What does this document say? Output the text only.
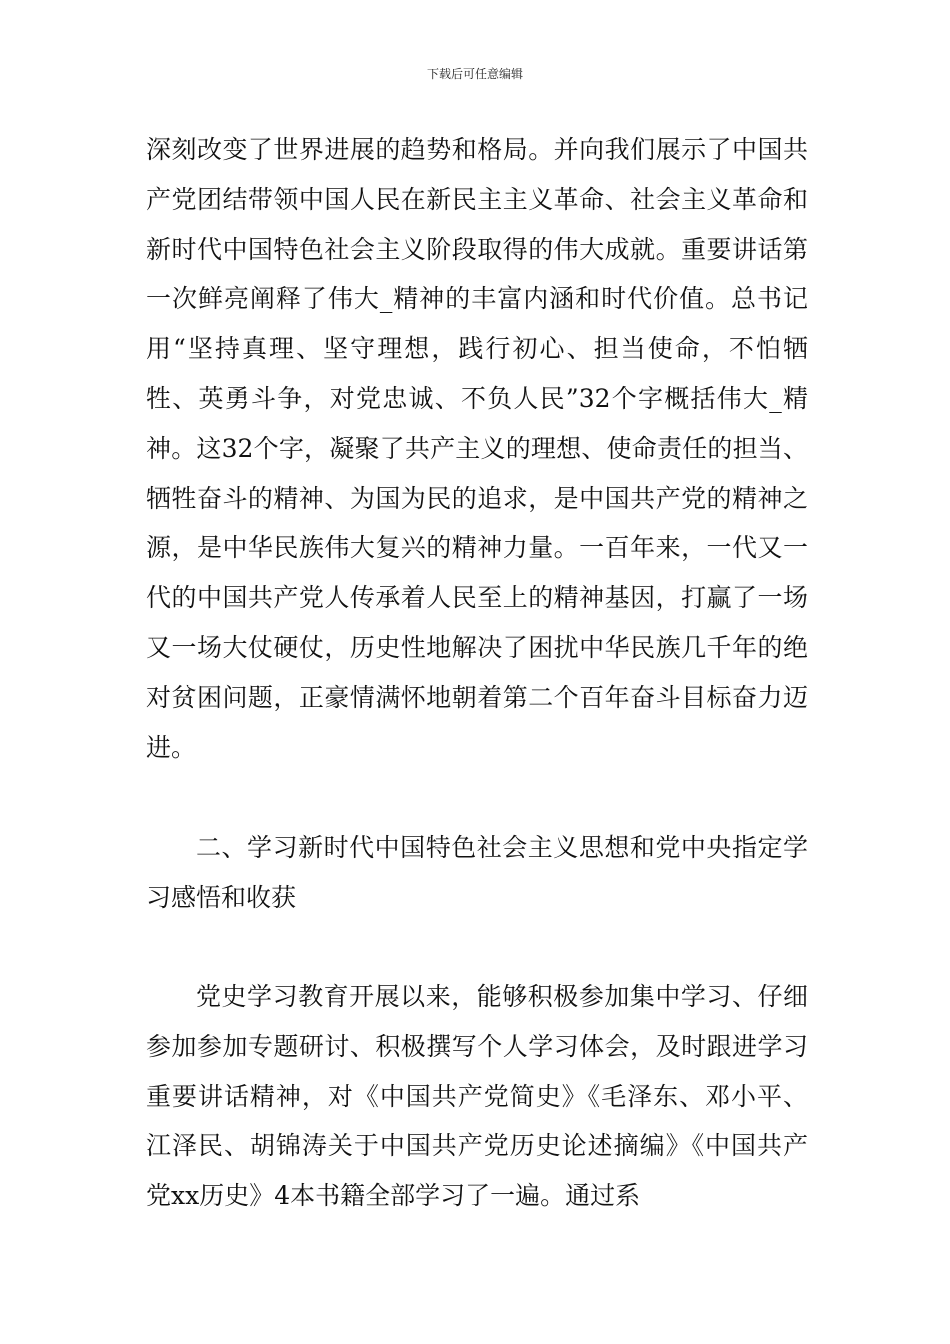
下载后可任意编辑

深刻改变了世界进展的趋势和格局。并向我们展示了中国共产党团结带领中国人民在新民主主义革命、社会主义革命和新时代中国特色社会主义阶段取得的伟大成就。重要讲话第一次鲜亮阐释了伟大_精神的丰富内涵和时代价值。总书记用“坚持真理、坚守理想，践行初心、担当使命，不怕牺牲、英勇斗争，对党忠诚、不负人民”32个字概括伟大_精神。这32个字，凝聚了共产主义的理想、使命责任的担当、牺牲奋斗的精神、为国为民的追求，是中国共产党的精神之源，是中华民族伟大复兴的精神力量。一百年来，一代又一代的中国共产党人传承着人民至上的精神基因，打赢了一场又一场大仗硬仗，历史性地解决了困扰中华民族几千年的绝对贫困问题，正豪情满怀地朝着第二个百年奋斗目标奋力迈进。

二、学习新时代中国特色社会主义思想和党中央指定学习感悟和收获

党史学习教育开展以来，能够积极参加集中学习、仔细参加参加专题研讨、积极撰写个人学习体会，及时跟进学习重要讲话精神，对《中国共产党简史》《毛泽东、邓小平、江泽民、胡锦涛关于中国共产党历史论述摘编》《中国共产党xx历史》4本书籍全部学习了一遍。通过系
